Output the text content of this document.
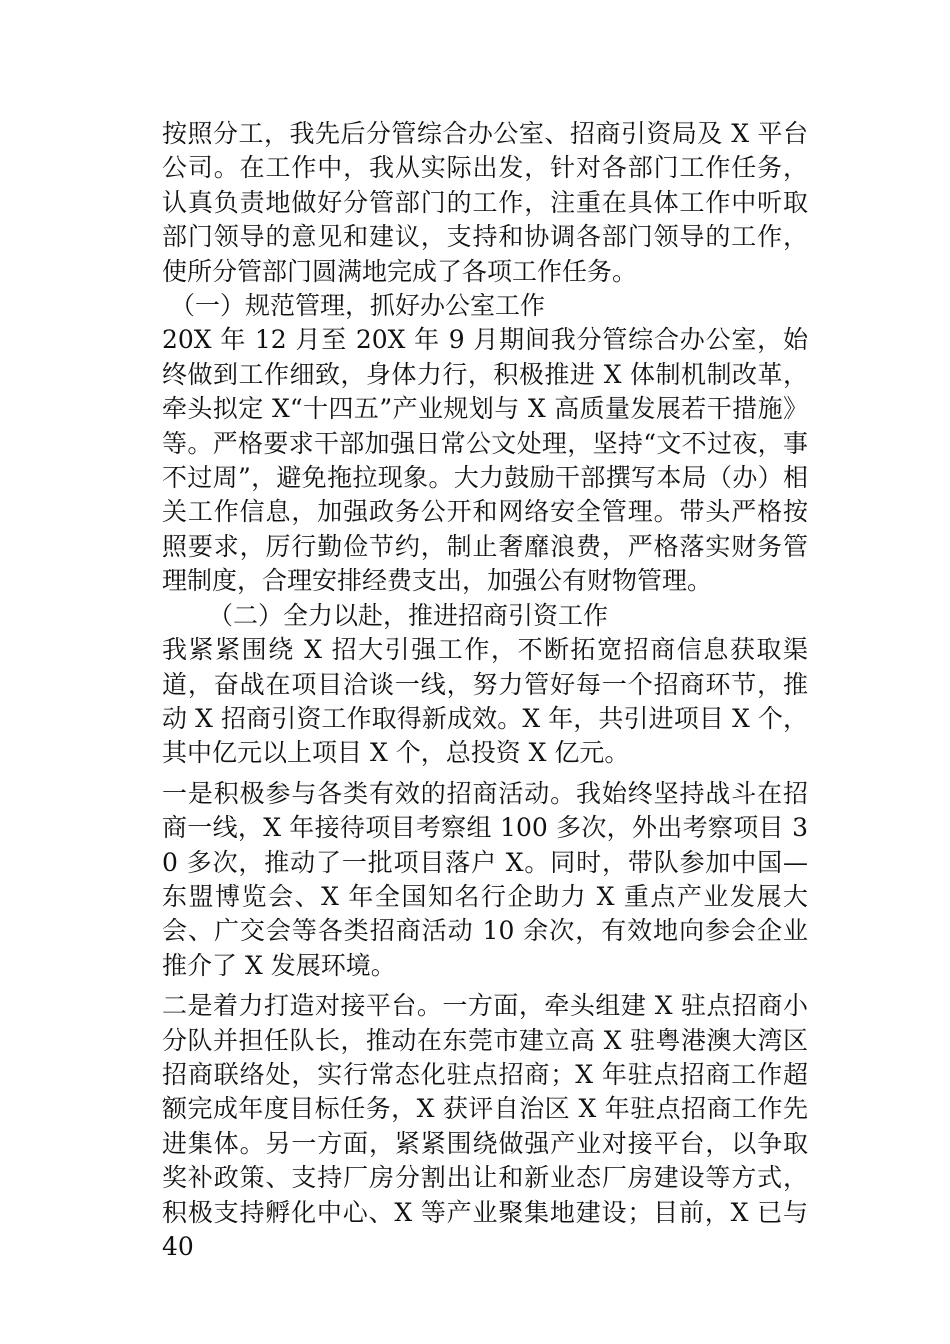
按照分工，我先后分管综合办公室、招商引资局及 X 平台公司。在工作中，我从实际出发，针对各部门工作任务，认真负责地做好分管部门的工作，注重在具体工作中听取部门领导的意见和建议，支持和协调各部门领导的工作，使所分管部门圆满地完成了各项工作任务。

（一）规范管理，抓好办公室工作

20X 年 12 月至 20X 年 9 月期间我分管综合办公室，始终做到工作细致，身体力行，积极推进 X 体制机制改革，牵头拟定 X“十四五”产业规划与 X 高质量发展若干措施》等。严格要求干部加强日常公文处理，坚持“文不过夜，事不过周”，避免拖拉现象。大力鼓励干部撰写本局（办）相关工作信息，加强政务公开和网络安全管理。带头严格按照要求，厉行勤俭节约，制止奢靡浪费，严格落实财务管理制度，合理安排经费支出，加强公有财物管理。

（二）全力以赴，推进招商引资工作

我紧紧围绕 X 招大引强工作，不断拓宽招商信息获取渠道，奋战在项目洽谈一线，努力管好每一个招商环节，推动 X 招商引资工作取得新成效。X 年，共引进项目 X 个，其中亿元以上项目 X 个，总投资 X 亿元。

一是积极参与各类有效的招商活动。我始终坚持战斗在招商一线，X 年接待项目考察组 100 多次，外出考察项目 30 多次，推动了一批项目落户 X。同时，带队参加中国—东盟博览会、X 年全国知名行企助力 X 重点产业发展大会、广交会等各类招商活动 10 余次，有效地向参会企业推介了 X 发展环境。

二是着力打造对接平台。一方面，牵头组建 X 驻点招商小分队并担任队长，推动在东莞市建立高 X 驻粤港澳大湾区招商联络处，实行常态化驻点招商；X 年驻点招商工作超额完成年度目标任务，X 获评自治区 X 年驻点招商工作先进集体。另一方面，紧紧围绕做强产业对接平台，以争取奖补政策、支持厂房分割出让和新业态厂房建设等方式，积极支持孵化中心、X 等产业聚集地建设；目前，X 已与 40
